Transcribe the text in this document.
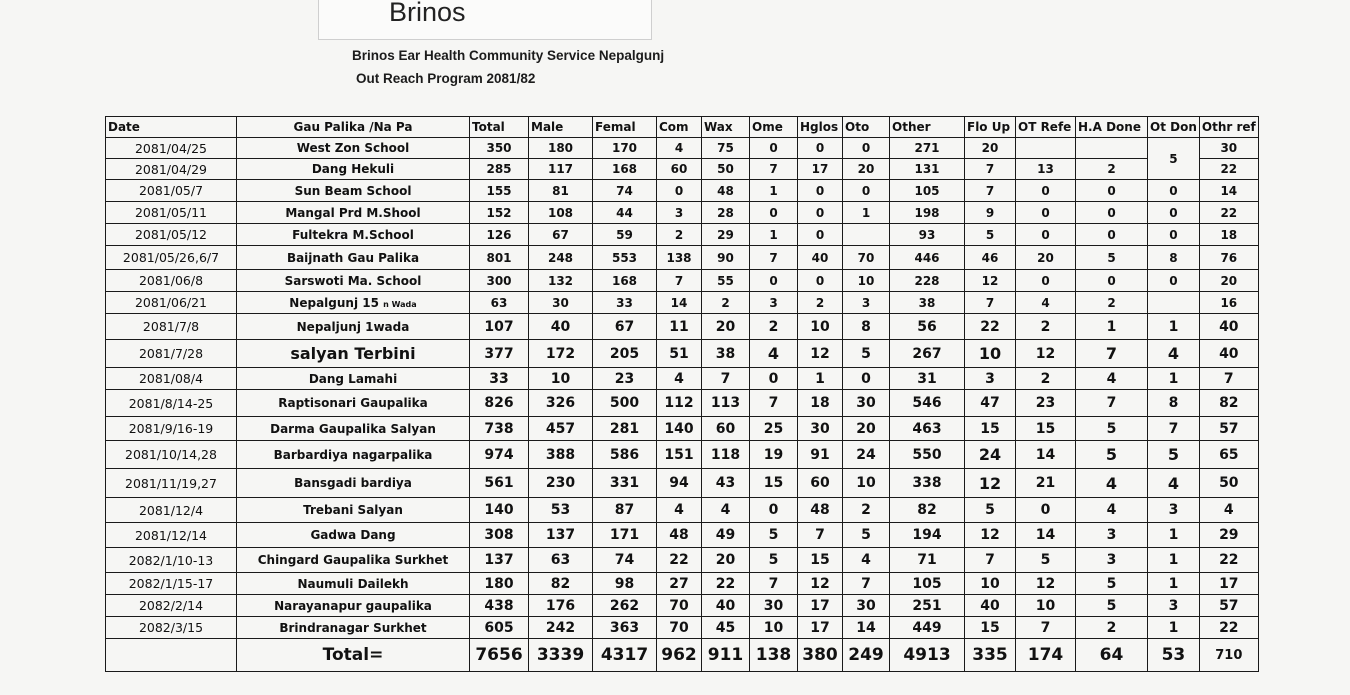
Brinos
Brinos Ear Health Community Service Nepalgunj
Out Reach Program 2081/82
Date	Gau Palika /Na Pa	Total	Male	Femal	Com	Wax	Ome	Hglos	Oto	Other	Flo Up	OT Refe	H.A Done	Ot Don	Othr ref
2081/04/25	West Zon School	350	180	170	4	75	0	0	0	271	20			5	30
2081/04/29	Dang Hekuli	285	117	168	60	50	7	17	20	131	7	13	2		22
2081/05/7	Sun Beam School	155	81	74	0	48	1	0	0	105	7	0	0	0	14
2081/05/11	Mangal Prd M.Shool	152	108	44	3	28	0	0	1	198	9	0	0	0	22
2081/05/12	Fultekra M.School	126	67	59	2	29	1	0		93	5	0	0	0	18
2081/05/26,6/7	Baijnath Gau Palika	801	248	553	138	90	7	40	70	446	46	20	5	8	76
2081/06/8	Sarswoti Ma. School	300	132	168	7	55	0	0	10	228	12	0	0	0	20
2081/06/21	Nepalgunj 15 n Wada	63	30	33	14	2	3	2	3	38	7	4	2		16
2081/7/8	Nepaljunj 1wada	107	40	67	11	20	2	10	8	56	22	2	1	1	40
2081/7/28	salyan Terbini	377	172	205	51	38	4	12	5	267	10	12	7	4	40
2081/08/4	Dang Lamahi	33	10	23	4	7	0	1	0	31	3	2	4	1	7
2081/8/14-25	Raptisonari Gaupalika	826	326	500	112	113	7	18	30	546	47	23	7	8	82
2081/9/16-19	Darma Gaupalika Salyan	738	457	281	140	60	25	30	20	463	15	15	5	7	57
2081/10/14,28	Barbardiya nagarpalika	974	388	586	151	118	19	91	24	550	24	14	5	5	65
2081/11/19,27	Bansgadi bardiya	561	230	331	94	43	15	60	10	338	12	21	4	4	50
2081/12/4	Trebani Salyan	140	53	87	4	4	0	48	2	82	5	0	4	3	4
2081/12/14	Gadwa Dang	308	137	171	48	49	5	7	5	194	12	14	3	1	29
2082/1/10-13	Chingard Gaupalika Surkhet	137	63	74	22	20	5	15	4	71	7	5	3	1	22
2082/1/15-17	Naumuli Dailekh	180	82	98	27	22	7	12	7	105	10	12	5	1	17
2082/2/14	Narayanapur gaupalika	438	176	262	70	40	30	17	30	251	40	10	5	3	57
2082/3/15	Brindranagar Surkhet	605	242	363	70	45	10	17	14	449	15	7	2	1	22
	Total=	7656	3339	4317	962	911	138	380	249	4913	335	174	64	53	710
